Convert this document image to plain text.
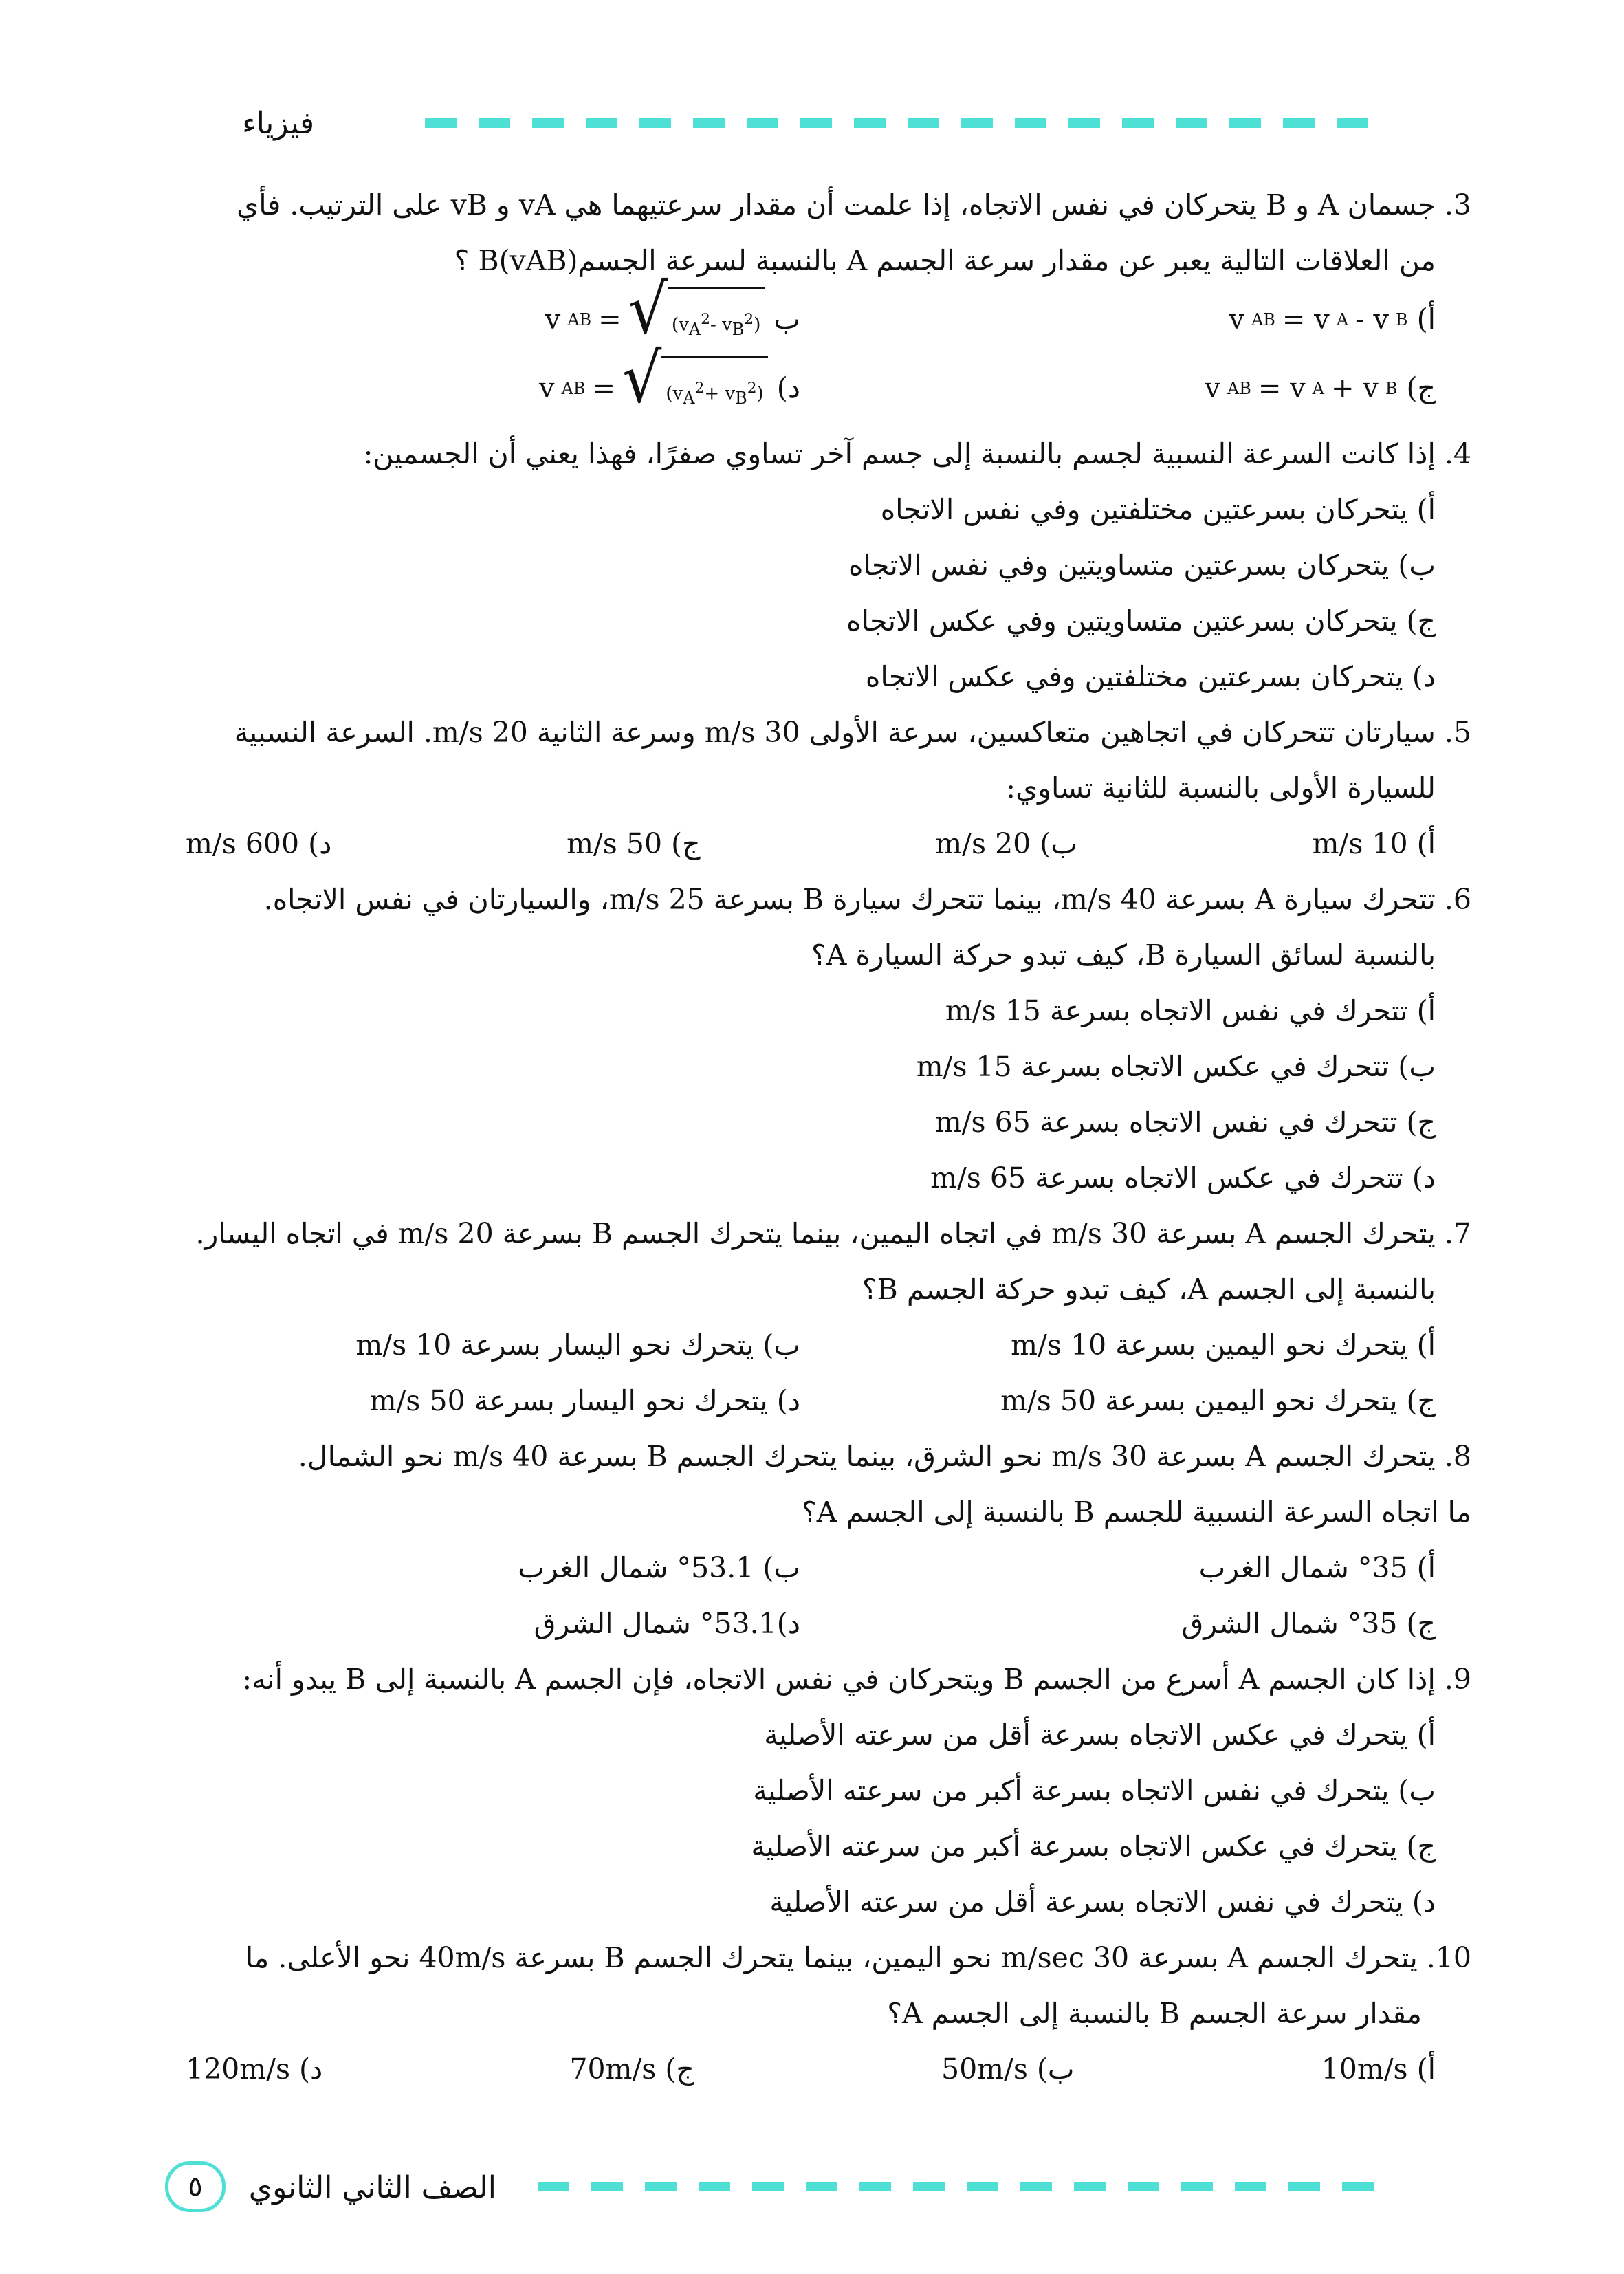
فيزياء
3. جسمان A و B يتحركان في نفس الاتجاه، إذا علمت أن مقدار سرعتيهما هي vA و vB على الترتيب. فأي
من العلاقات التالية يعبر عن مقدار سرعة الجسم A بالنسبة لسرعة الجسمB(vAB) ؟
أ) v AB = v A - v B
ب v AB = √ ($v_A^2-$ $v_B^2$)
ج) v AB = v A + v B
د) v AB = √ $(v_A^2+ v_B^2)$
4. إذا كانت السرعة النسبية لجسم بالنسبة إلى جسم آخر تساوي صفرًا، فهذا يعني أن الجسمين:
أ) يتحركان بسرعتين مختلفتين وفي نفس الاتجاه
ب) يتحركان بسرعتين متساويتين وفي نفس الاتجاه
ج) يتحركان بسرعتين متساويتين وفي عكس الاتجاه
د) يتحركان بسرعتين مختلفتين وفي عكس الاتجاه
5. سيارتان تتحركان في اتجاهين متعاكسين، سرعة الأولى 30 m/s وسرعة الثانية 20 m/s. السرعة النسبية
للسيارة الأولى بالنسبة للثانية تساوي:
أ) 10 m/s
ب) 20 m/s
ج) 50 m/s
د) 600 m/s
6. تتحرك سيارة A بسرعة 40 m/s، بينما تتحرك سيارة B بسرعة 25 m/s، والسيارتان في نفس الاتجاه.
بالنسبة لسائق السيارة B، كيف تبدو حركة السيارة A؟
أ) تتحرك في نفس الاتجاه بسرعة 15 m/s
ب) تتحرك في عكس الاتجاه بسرعة 15 m/s
ج) تتحرك في نفس الاتجاه بسرعة 65 m/s
د) تتحرك في عكس الاتجاه بسرعة 65 m/s
7. يتحرك الجسم A بسرعة 30 m/s في اتجاه اليمين، بينما يتحرك الجسم B بسرعة 20 m/s في اتجاه اليسار.
بالنسبة إلى الجسم A، كيف تبدو حركة الجسم B؟
أ) يتحرك نحو اليمين بسرعة 10 m/s
ب) يتحرك نحو اليسار بسرعة 10 m/s
ج) يتحرك نحو اليمين بسرعة 50 m/s
د) يتحرك نحو اليسار بسرعة 50 m/s
8. يتحرك الجسم A بسرعة 30 m/s نحو الشرق، بينما يتحرك الجسم B بسرعة 40 m/s نحو الشمال.
ما اتجاه السرعة النسبية للجسم B بالنسبة إلى الجسم A؟
أ) 35° شمال الغرب
ب) 53.1° شمال الغرب
ج) 35° شمال الشرق
د)53.1° شمال الشرق
9. إذا كان الجسم A أسرع من الجسم B ويتحركان في نفس الاتجاه، فإن الجسم A بالنسبة إلى B يبدو أنه:
أ) يتحرك في عكس الاتجاه بسرعة أقل من سرعته الأصلية
ب) يتحرك في نفس الاتجاه بسرعة أكبر من سرعته الأصلية
ج) يتحرك في عكس الاتجاه بسرعة أكبر من سرعته الأصلية
د) يتحرك في نفس الاتجاه بسرعة أقل من سرعته الأصلية
10. يتحرك الجسم A بسرعة 30 m/sec نحو اليمين، بينما يتحرك الجسم B بسرعة 40m/s نحو الأعلى. ما
مقدار سرعة الجسم B بالنسبة إلى الجسم A؟
أ) 10m/s
ب) 50m/s
ج) 70m/s
د) 120m/s
الصف الثاني الثانوي
٥
